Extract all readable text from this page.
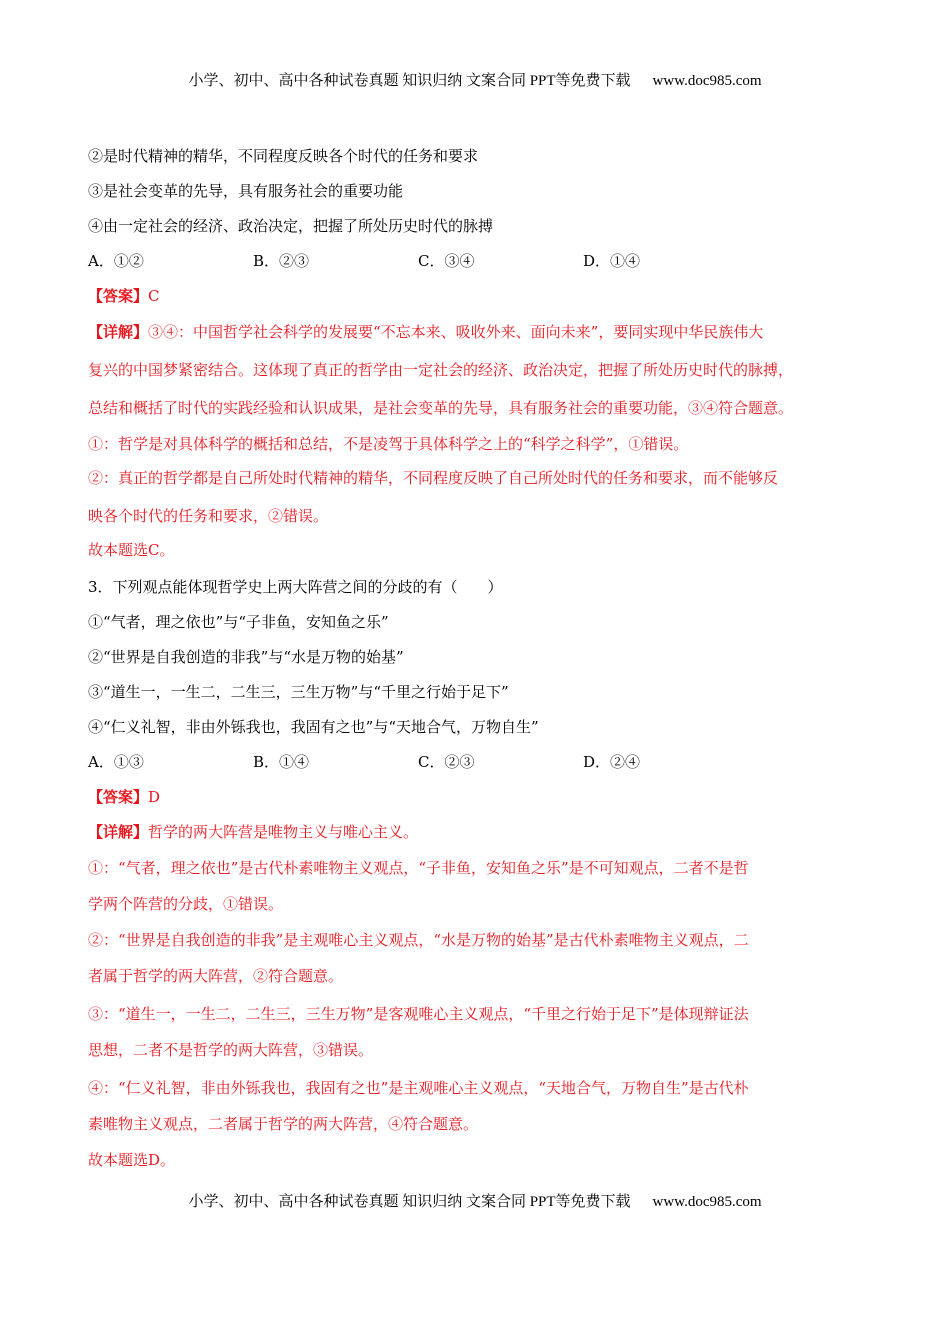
小学、初中、高中各种试卷真题 知识归纳 文案合同 PPT等免费下载 www.doc985.com
②是时代精神的精华，不同程度反映各个时代的任务和要求
③是社会变革的先导，具有服务社会的重要功能
④由一定社会的经济、政治决定，把握了所处历史时代的脉搏
A．①②	B．②③	C．③④	D．①④
【答案】C
【详解】③④：中国哲学社会科学的发展要“不忘本来、吸收外来、面向未来”，要同实现中华民族伟大
复兴的中国梦紧密结合。这体现了真正的哲学由一定社会的经济、政治决定，把握了所处历史时代的脉搏，
总结和概括了时代的实践经验和认识成果，是社会变革的先导，具有服务社会的重要功能，③④符合题意。
①：哲学是对具体科学的概括和总结，不是凌驾于具体科学之上的“科学之科学”，①错误。
②：真正的哲学都是自己所处时代精神的精华，不同程度反映了自己所处时代的任务和要求，而不能够反
映各个时代的任务和要求，②错误。
故本题选C。
3．下列观点能体现哲学史上两大阵营之间的分歧的有（　　）
①“气者，理之依也”与“子非鱼，安知鱼之乐”
②“世界是自我创造的非我”与“水是万物的始基”
③“道生一，一生二，二生三，三生万物”与“千里之行始于足下”
④“仁义礼智，非由外铄我也，我固有之也”与“天地合气，万物自生”
A．①③	B．①④	C．②③	D．②④
【答案】D
【详解】哲学的两大阵营是唯物主义与唯心主义。
①：“气者，理之依也”是古代朴素唯物主义观点，“子非鱼，安知鱼之乐”是不可知观点，二者不是哲
学两个阵营的分歧，①错误。
②：“世界是自我创造的非我”是主观唯心主义观点，“水是万物的始基”是古代朴素唯物主义观点，二
者属于哲学的两大阵营，②符合题意。
③：“道生一，一生二，二生三，三生万物”是客观唯心主义观点，“千里之行始于足下”是体现辩证法
思想，二者不是哲学的两大阵营，③错误。
④：“仁义礼智，非由外铄我也，我固有之也”是主观唯心主义观点，“天地合气，万物自生”是古代朴
素唯物主义观点，二者属于哲学的两大阵营，④符合题意。
故本题选D。
小学、初中、高中各种试卷真题 知识归纳 文案合同 PPT等免费下载 www.doc985.com
